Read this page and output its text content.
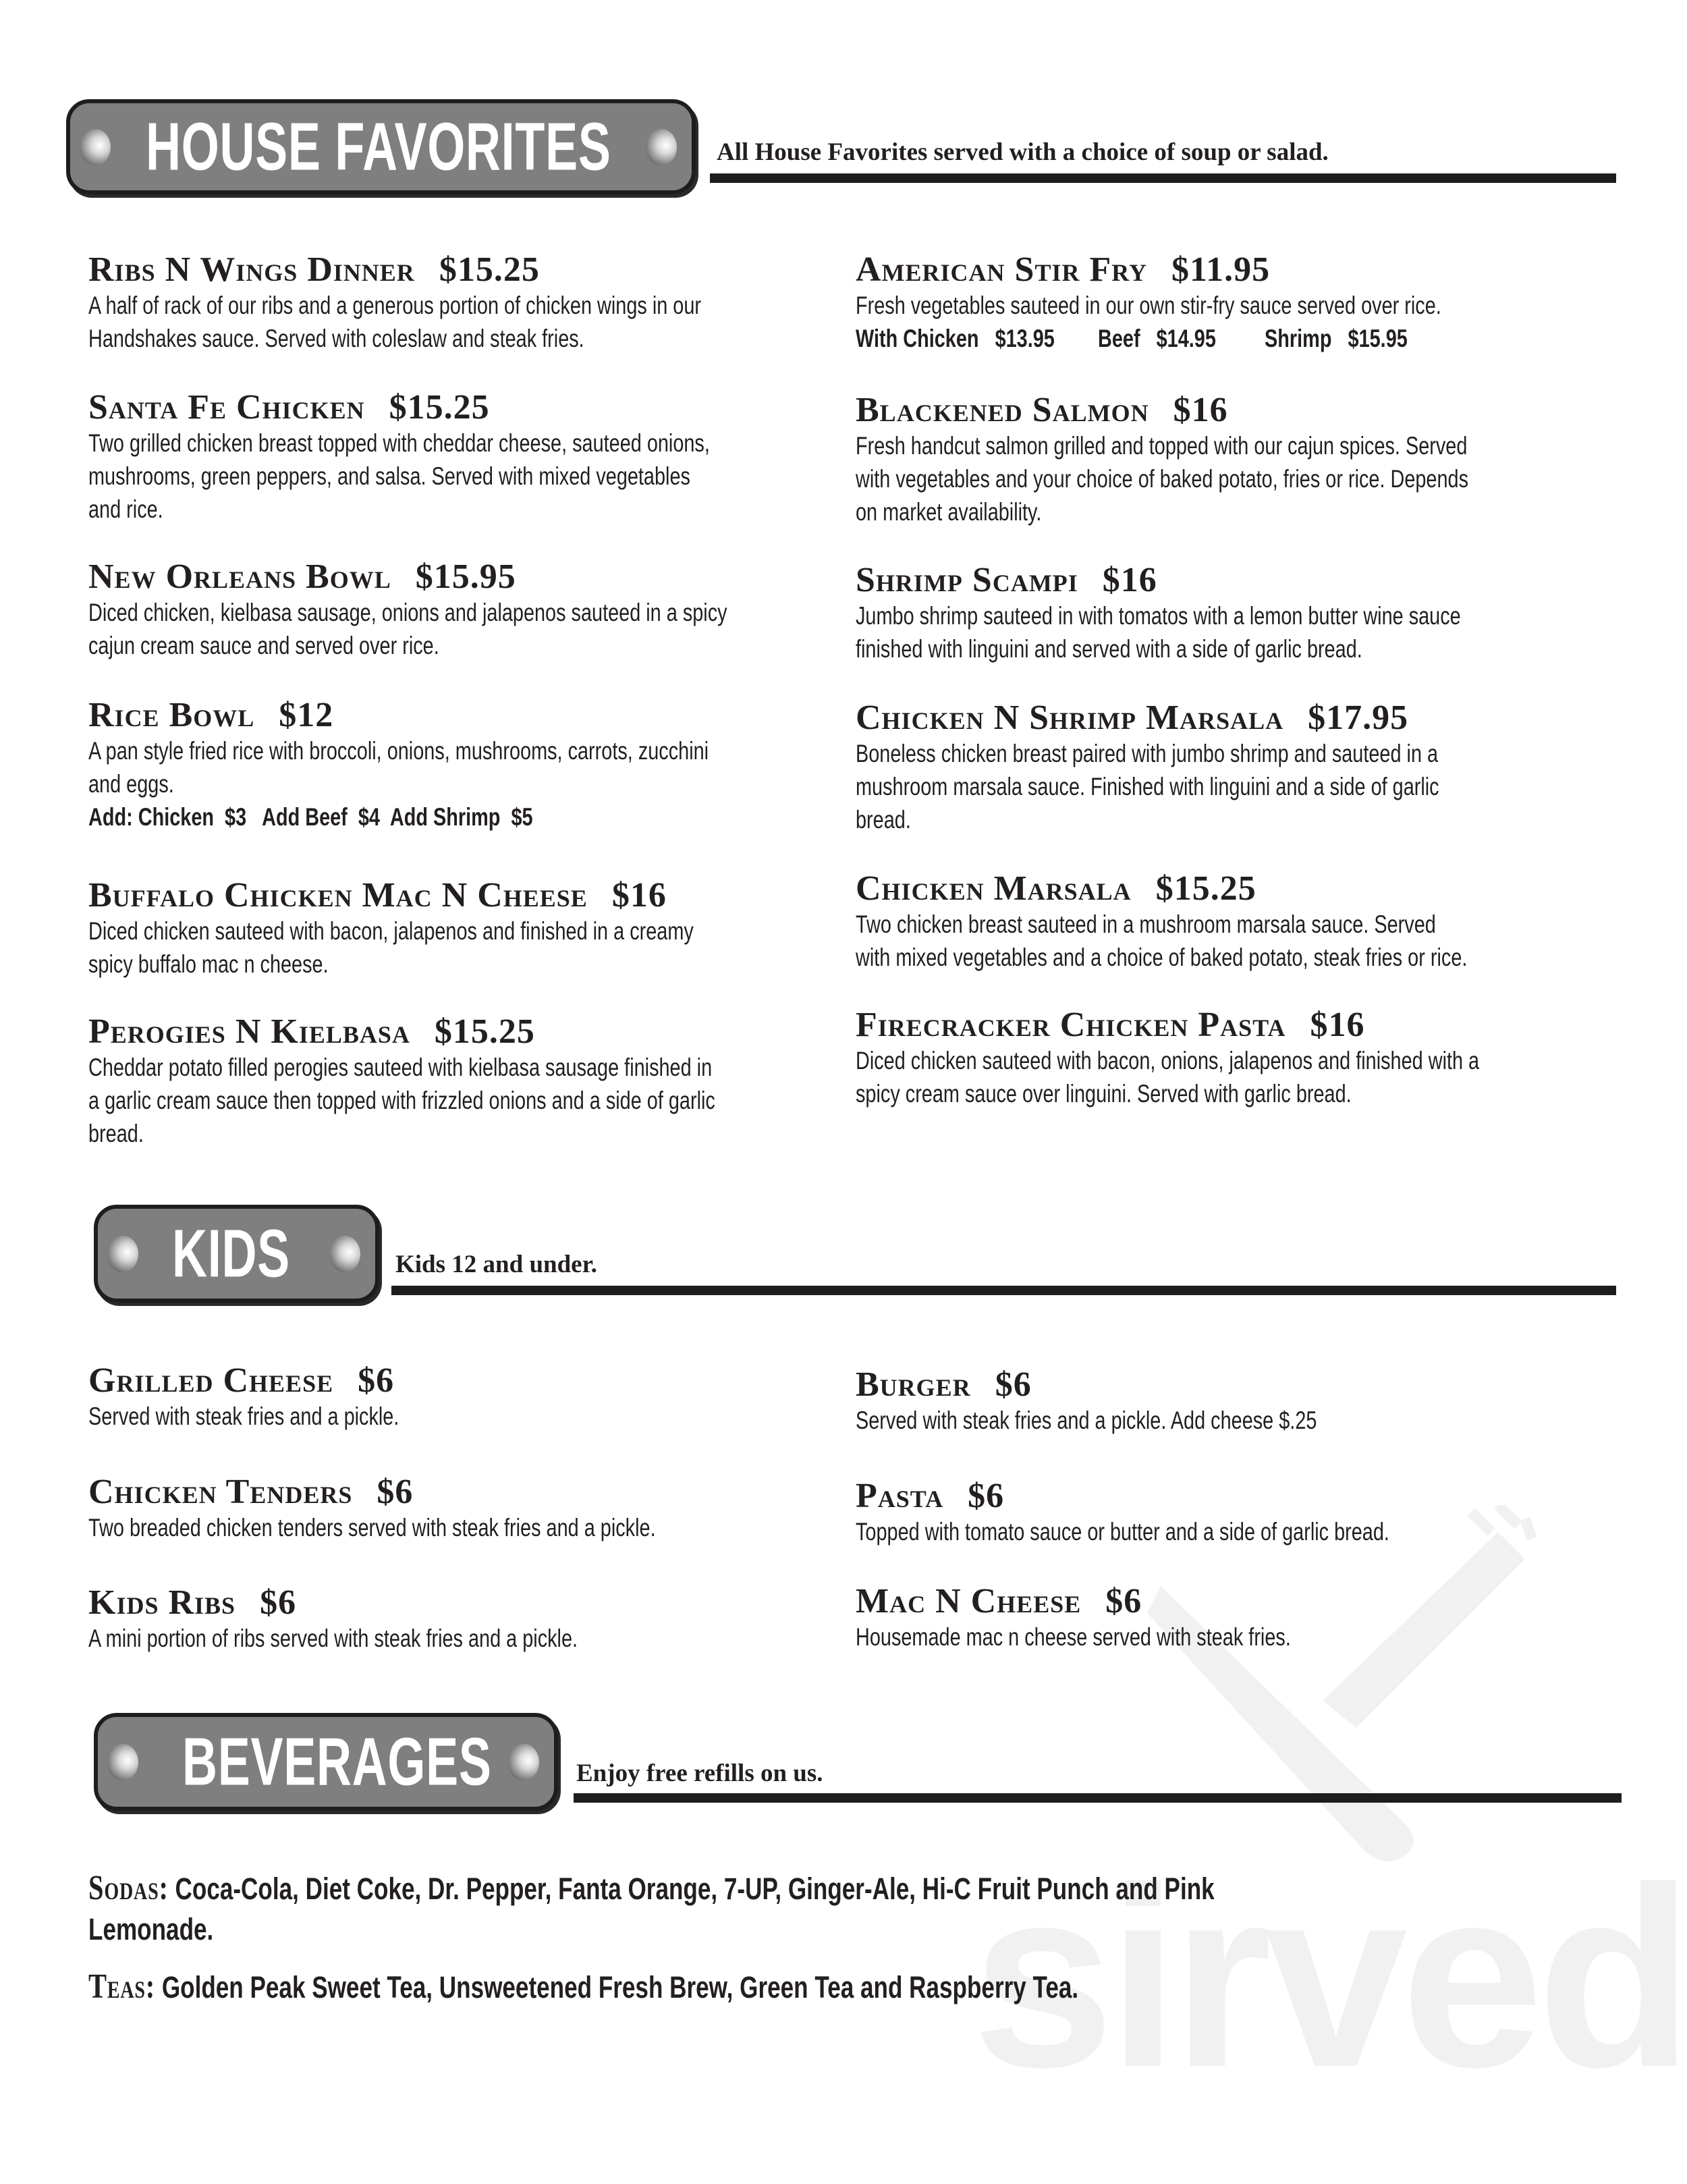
sirved
HOUSE FAVORITES	All House Favorites served with a choice of soup or salad.
Ribs N Wings Dinner $15.25
A half of rack of our ribs and a generous portion of chicken wings in our
Handshakes sauce. Served with coleslaw and steak fries.
Santa Fe Chicken $15.25
Two grilled chicken breast topped with cheddar cheese, sauteed onions,
mushrooms, green peppers, and salsa. Served with mixed vegetables
and rice.
New Orleans Bowl $15.95
Diced chicken, kielbasa sausage, onions and jalapenos sauteed in a spicy
cajun cream sauce and served over rice.
Rice Bowl $12
A pan style fried rice with broccoli, onions, mushrooms, carrots, zucchini
and eggs.
Add: Chicken  $3   Add Beef  $4  Add Shrimp  $5
Buffalo Chicken Mac N Cheese $16
Diced chicken sauteed with bacon, jalapenos and finished in a creamy
spicy buffalo mac n cheese.
Perogies N Kielbasa $15.25
Cheddar potato filled perogies sauteed with kielbasa sausage finished in
a garlic cream sauce then topped with frizzled onions and a side of garlic
bread.
American Stir Fry $11.95
Fresh vegetables sauteed in our own stir-fry sauce served over rice.
With Chicken   $13.95        Beef   $14.95         Shrimp   $15.95
Blackened Salmon $16
Fresh handcut salmon grilled and topped with our cajun spices. Served
with vegetables and your choice of baked potato, fries or rice. Depends
on market availability.
Shrimp Scampi $16
Jumbo shrimp sauteed in with tomatos with a lemon butter wine sauce
finished with linguini and served with a side of garlic bread.
Chicken N Shrimp Marsala $17.95
Boneless chicken breast paired with jumbo shrimp and sauteed in a
mushroom marsala sauce. Finished with linguini and a side of garlic
bread.
Chicken Marsala $15.25
Two chicken breast sauteed in a mushroom marsala sauce. Served
with mixed vegetables and a choice of baked potato, steak fries or rice.
Firecracker Chicken Pasta $16
Diced chicken sauteed with bacon, onions, jalapenos and finished with a
spicy cream sauce over linguini. Served with garlic bread.
KIDS	Kids 12 and under.
Grilled Cheese $6
Served with steak fries and a pickle.
Chicken Tenders $6
Two breaded chicken tenders served with steak fries and a pickle.
Kids Ribs $6
A mini portion of ribs served with steak fries and a pickle.
Burger $6
Served with steak fries and a pickle. Add cheese $.25
Pasta $6
Topped with tomato sauce or butter and a side of garlic bread.
Mac N Cheese $6
Housemade mac n cheese served with steak fries.
BEVERAGES	Enjoy free refills on us.
Sodas: Coca-Cola, Diet Coke, Dr. Pepper, Fanta Orange, 7-UP, Ginger-Ale, Hi-C Fruit Punch and Pink
Lemonade.
Teas: Golden Peak Sweet Tea, Unsweetened Fresh Brew, Green Tea and Raspberry Tea.
